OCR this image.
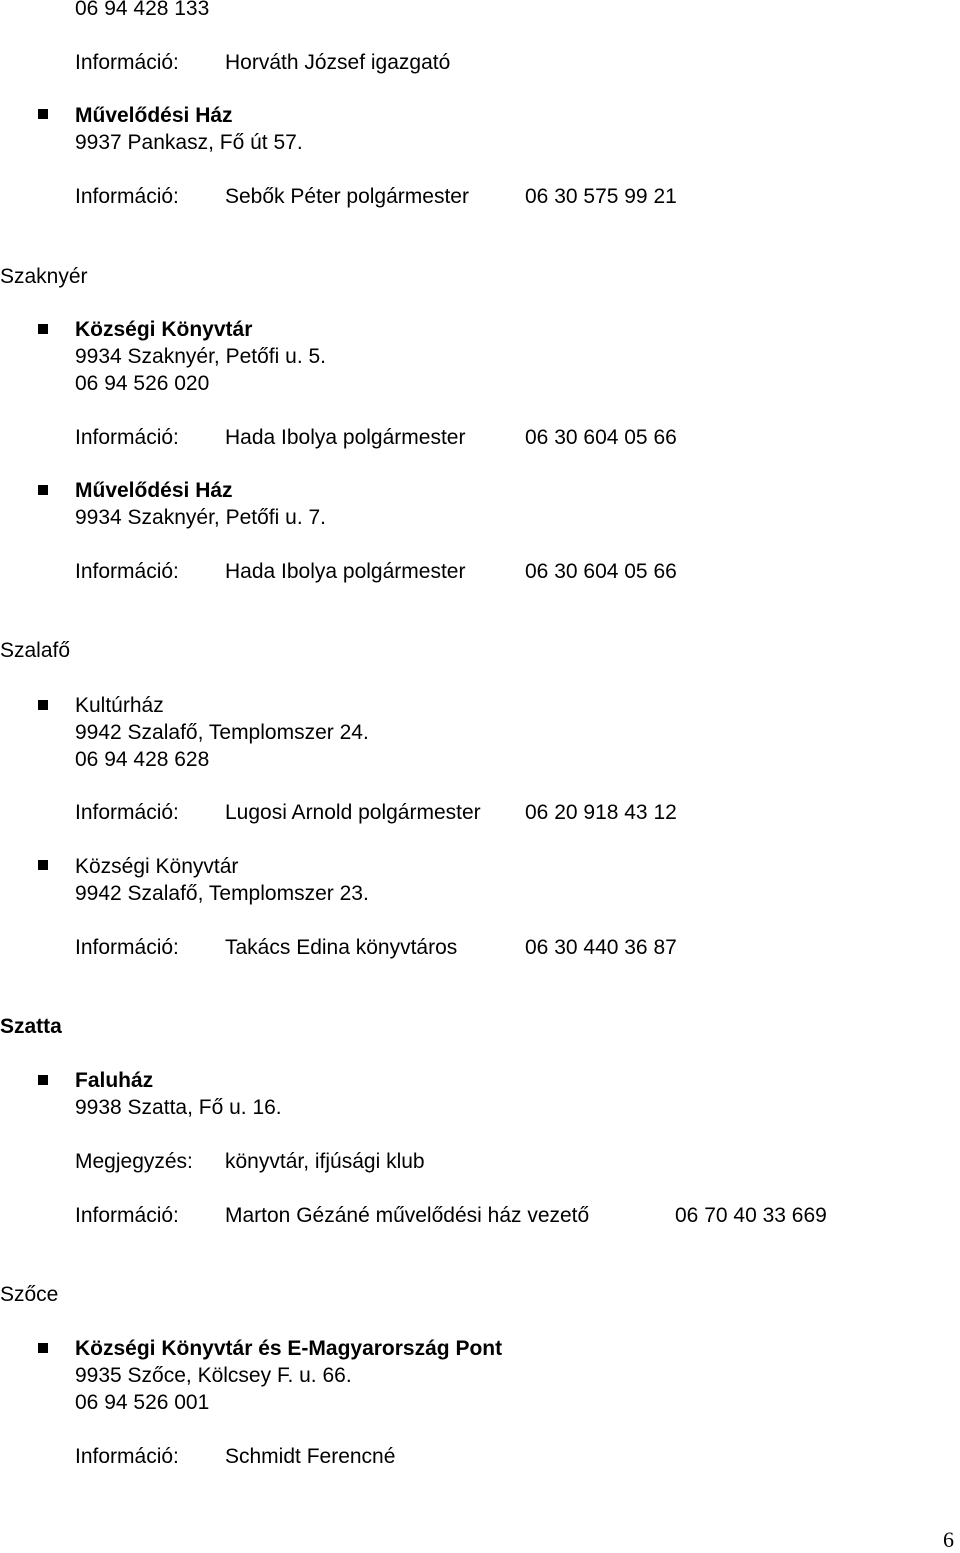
06 94 428 133
Információ: Horváth József igazgató
Művelődési Ház
9937 Pankasz, Fő út 57.
Információ: Sebők Péter polgármester	06 30 575 99 21
Szaknyér
Községi Könyvtár
9934 Szaknyér, Petőfi u. 5.
06 94 526 020
Információ: Hada Ibolya polgármester	06 30 604 05 66
Művelődési Ház
9934 Szaknyér, Petőfi u. 7.
Információ: Hada Ibolya polgármester	06 30 604 05 66
Szalafő
Kultúrház
9942 Szalafő, Templomszer 24.
06 94 428 628
Információ: Lugosi Arnold polgármester 06 20 918 43 12
Községi Könyvtár
9942 Szalafő, Templomszer 23.
Információ: Takács Edina könyvtáros	06 30 440 36 87
Szatta
Faluház
9938 Szatta, Fő u. 16.
Megjegyzés: könyvtár, ifjúsági klub
Információ: Marton Gézáné művelődési ház vezető	06 70 40 33 669
Szőce
Községi Könyvtár és E-Magyarország Pont
9935 Szőce, Kölcsey F. u. 66.
06 94 526 001
Információ: Schmidt Ferencné
6
